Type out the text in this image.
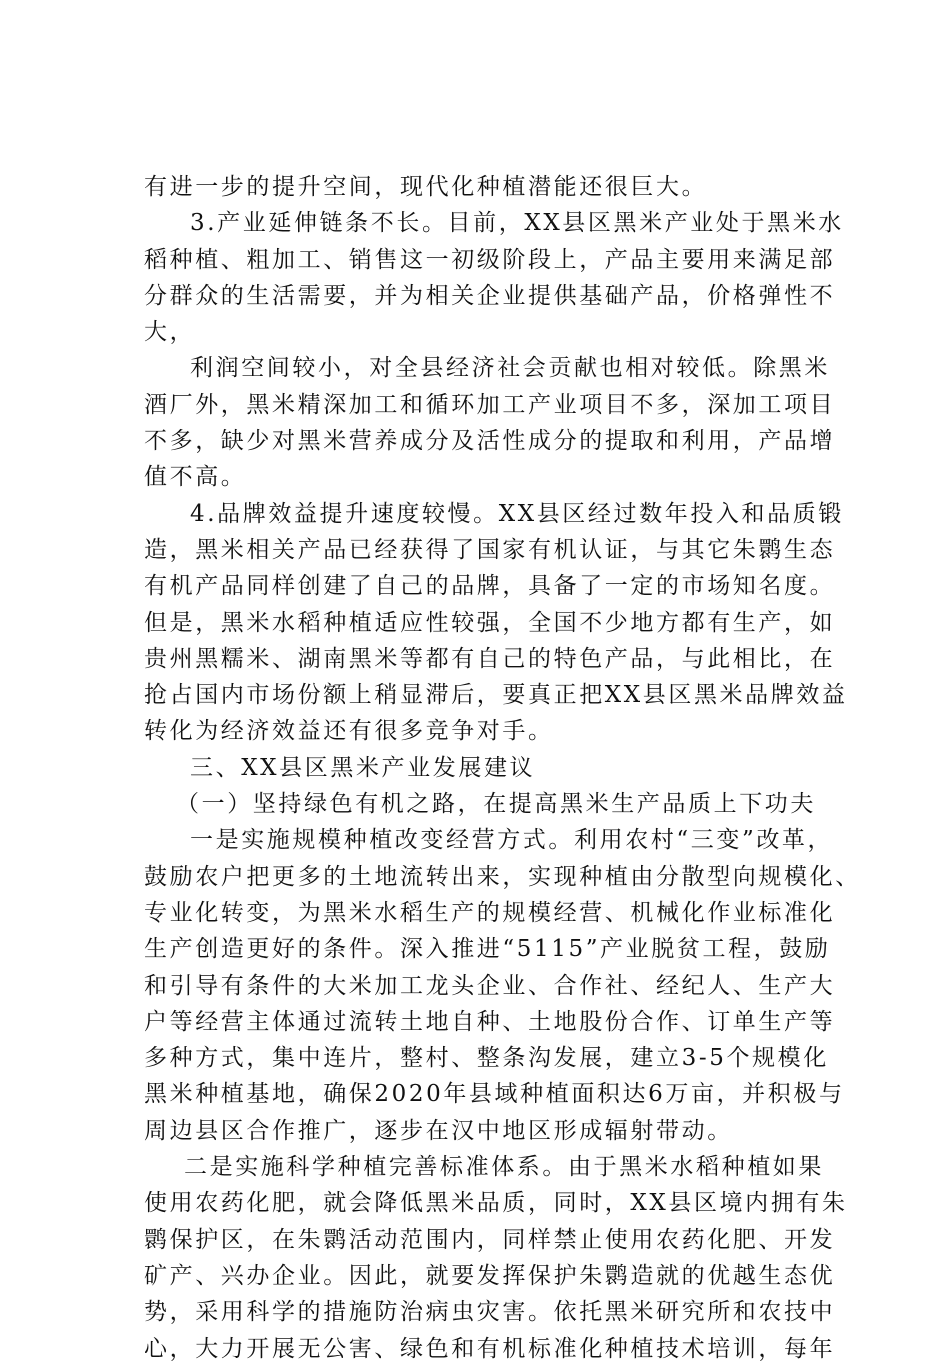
有进一步的提升空间，现代化种植潜能还很巨大。
3.产业延伸链条不长。目前，XX县区黑米产业处于黑米水
稻种植、粗加工、销售这一初级阶段上，产品主要用来满足部
分群众的生活需要，并为相关企业提供基础产品，价格弹性不
大，
利润空间较小，对全县经济社会贡献也相对较低。除黑米
酒厂外，黑米精深加工和循环加工产业项目不多，深加工项目
不多，缺少对黑米营养成分及活性成分的提取和利用，产品增
值不高。
4.品牌效益提升速度较慢。XX县区经过数年投入和品质锻
造，黑米相关产品已经获得了国家有机认证，与其它朱鹮生态
有机产品同样创建了自己的品牌，具备了一定的市场知名度。
但是，黑米水稻种植适应性较强，全国不少地方都有生产，如
贵州黑糯米、湖南黑米等都有自己的特色产品，与此相比，在
抢占国内市场份额上稍显滞后，要真正把XX县区黑米品牌效益
转化为经济效益还有很多竞争对手。
三、XX县区黑米产业发展建议
（一）坚持绿色有机之路，在提高黑米生产品质上下功夫
一是实施规模种植改变经营方式。利用农村“三变”改革，
鼓励农户把更多的土地流转出来，实现种植由分散型向规模化、
专业化转变，为黑米水稻生产的规模经营、机械化作业标准化
生产创造更好的条件。深入推进“5115”产业脱贫工程，鼓励
和引导有条件的大米加工龙头企业、合作社、经纪人、生产大
户等经营主体通过流转土地自种、土地股份合作、订单生产等
多种方式，集中连片，整村、整条沟发展，建立3-5个规模化
黑米种植基地，确保2020年县域种植面积达6万亩，并积极与
周边县区合作推广，逐步在汉中地区形成辐射带动。
二是实施科学种植完善标准体系。由于黑米水稻种植如果
使用农药化肥，就会降低黑米品质，同时，XX县区境内拥有朱
鹮保护区，在朱鹮活动范围内，同样禁止使用农药化肥、开发
矿产、兴办企业。因此，就要发挥保护朱鹮造就的优越生态优
势，采用科学的措施防治病虫灾害。依托黑米研究所和农技中
心，大力开展无公害、绿色和有机标准化种植技术培训，每年
